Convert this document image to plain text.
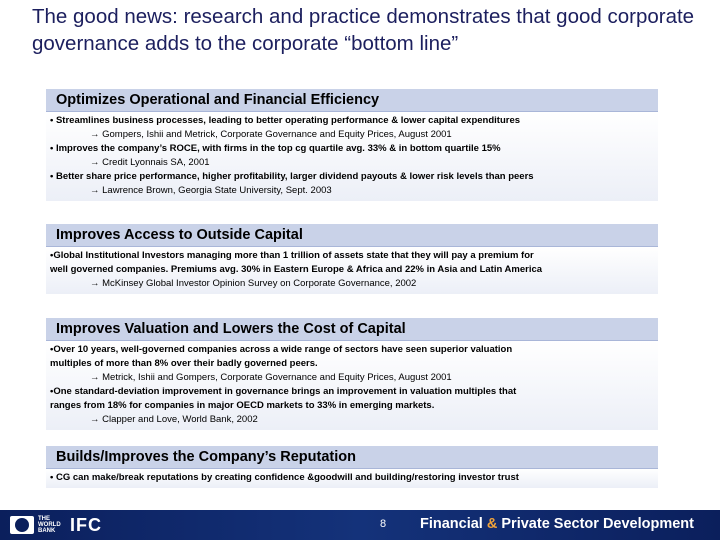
The good news: research and practice demonstrates that good corporate governance adds to the corporate “bottom line”
Optimizes Operational and Financial Efficiency
• Streamlines business processes, leading to better operating performance & lower capital expenditures
→ Gompers, Ishii and Metrick, Corporate Governance and Equity Prices, August 2001
• Improves the company’s ROCE, with firms in the top cg quartile avg. 33% & in bottom quartile 15%
→ Credit Lyonnais SA, 2001
• Better share price performance, higher profitability, larger dividend payouts & lower risk levels than peers
→ Lawrence Brown, Georgia State University, Sept. 2003
Improves Access to Outside Capital
•Global Institutional Investors managing more than 1 trillion of assets state that they will pay a premium for
well governed companies. Premiums avg. 30% in Eastern Europe & Africa and 22% in Asia and Latin America
→ McKinsey Global Investor Opinion Survey on Corporate Governance, 2002
Improves Valuation and Lowers the Cost of Capital
•Over 10 years, well-governed companies across a wide range of sectors have seen superior valuation
multiples of more than 8% over their badly governed peers.
→ Metrick, Ishii and Gompers, Corporate Governance and Equity Prices, August 2001
•One standard-deviation improvement in governance brings an improvement in valuation multiples that
ranges from 18% for companies in major OECD markets to 33% in emerging markets.
→ Clapper and Love, World Bank, 2002
Builds/Improves the Company’s Reputation
• CG can make/break reputations by creating confidence &goodwill and building/restoring investor trust
THE WORLD BANK IFC	8 Financial & Private Sector Development
